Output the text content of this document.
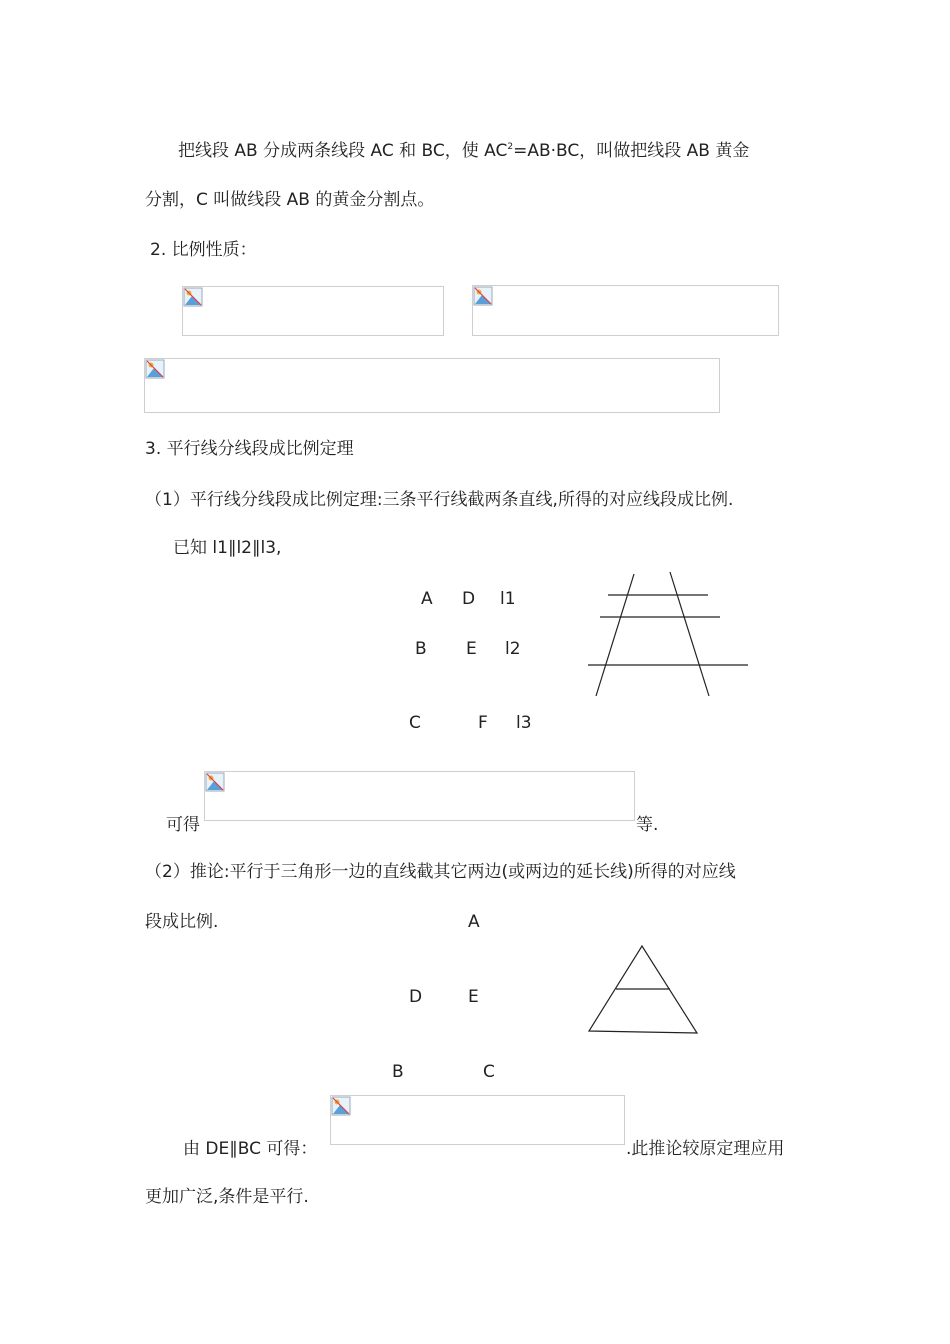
把线段 AB 分成两条线段 AC 和 BC，使 $AC^2=AB\cdot BC$，叫做把线段 AB 黄金
分割，C 叫做线段 AB 的黄金分割点。
2. 比例性质：
3. 平行线分线段成比例定理
（1）平行线分线段成比例定理:三条平行线截两条直线,所得的对应线段成比例.
已知 l1∥l2∥l3,
A D l1
B E l2
C	F l3
可得	等.
（2）推论:平行于三角形一边的直线截其它两边(或两边的延长线)所得的对应线
段成比例.	A
D	E
B	C
由 DE∥BC 可得：	.此推论较原定理应用
更加广泛,条件是平行.
